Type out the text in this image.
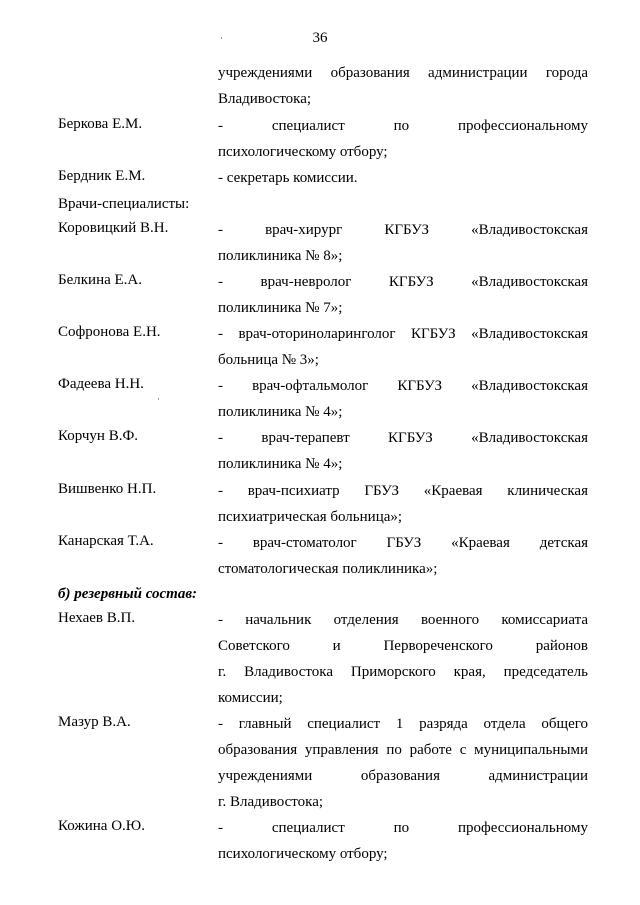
36
учреждениями образования администрации города
Владивостока;
Беркова Е.М.	- специалист по профессиональному
психологическому отбору;
Бердник Е.М.	- секретарь комиссии.
Врачи-специалисты:
Коровицкий В.Н.	- врач-хирург КГБУЗ «Владивостокская
поликлиника № 8»;
Белкина Е.А.	- врач-невролог КГБУЗ «Владивостокская
поликлиника № 7»;
Софронова Е.Н.	- врач-оториноларинголог КГБУЗ «Владивостокская
больница № 3»;
Фадеева Н.Н.	- врач-офтальмолог КГБУЗ «Владивостокская
поликлиника № 4»;
Корчун В.Ф.	- врач-терапевт КГБУЗ «Владивостокская
поликлиника № 4»;
Вишвенко Н.П.	- врач-психиатр ГБУЗ «Краевая клиническая
психиатрическая больница»;
Канарская Т.А.	- врач-стоматолог ГБУЗ «Краевая детская
стоматологическая поликлиника»;
б) резервный состав:
Нехаев В.П.	- начальник отделения военного комиссариата
Советского и Первореченского районов
г. Владивостока Приморского края, председатель
комиссии;
Мазур В.А.	- главный специалист 1 разряда отдела общего
образования управления по работе с муниципальными
учреждениями образования администрации
г. Владивостока;
Кожина О.Ю.	- специалист по профессиональному
психологическому отбору;
